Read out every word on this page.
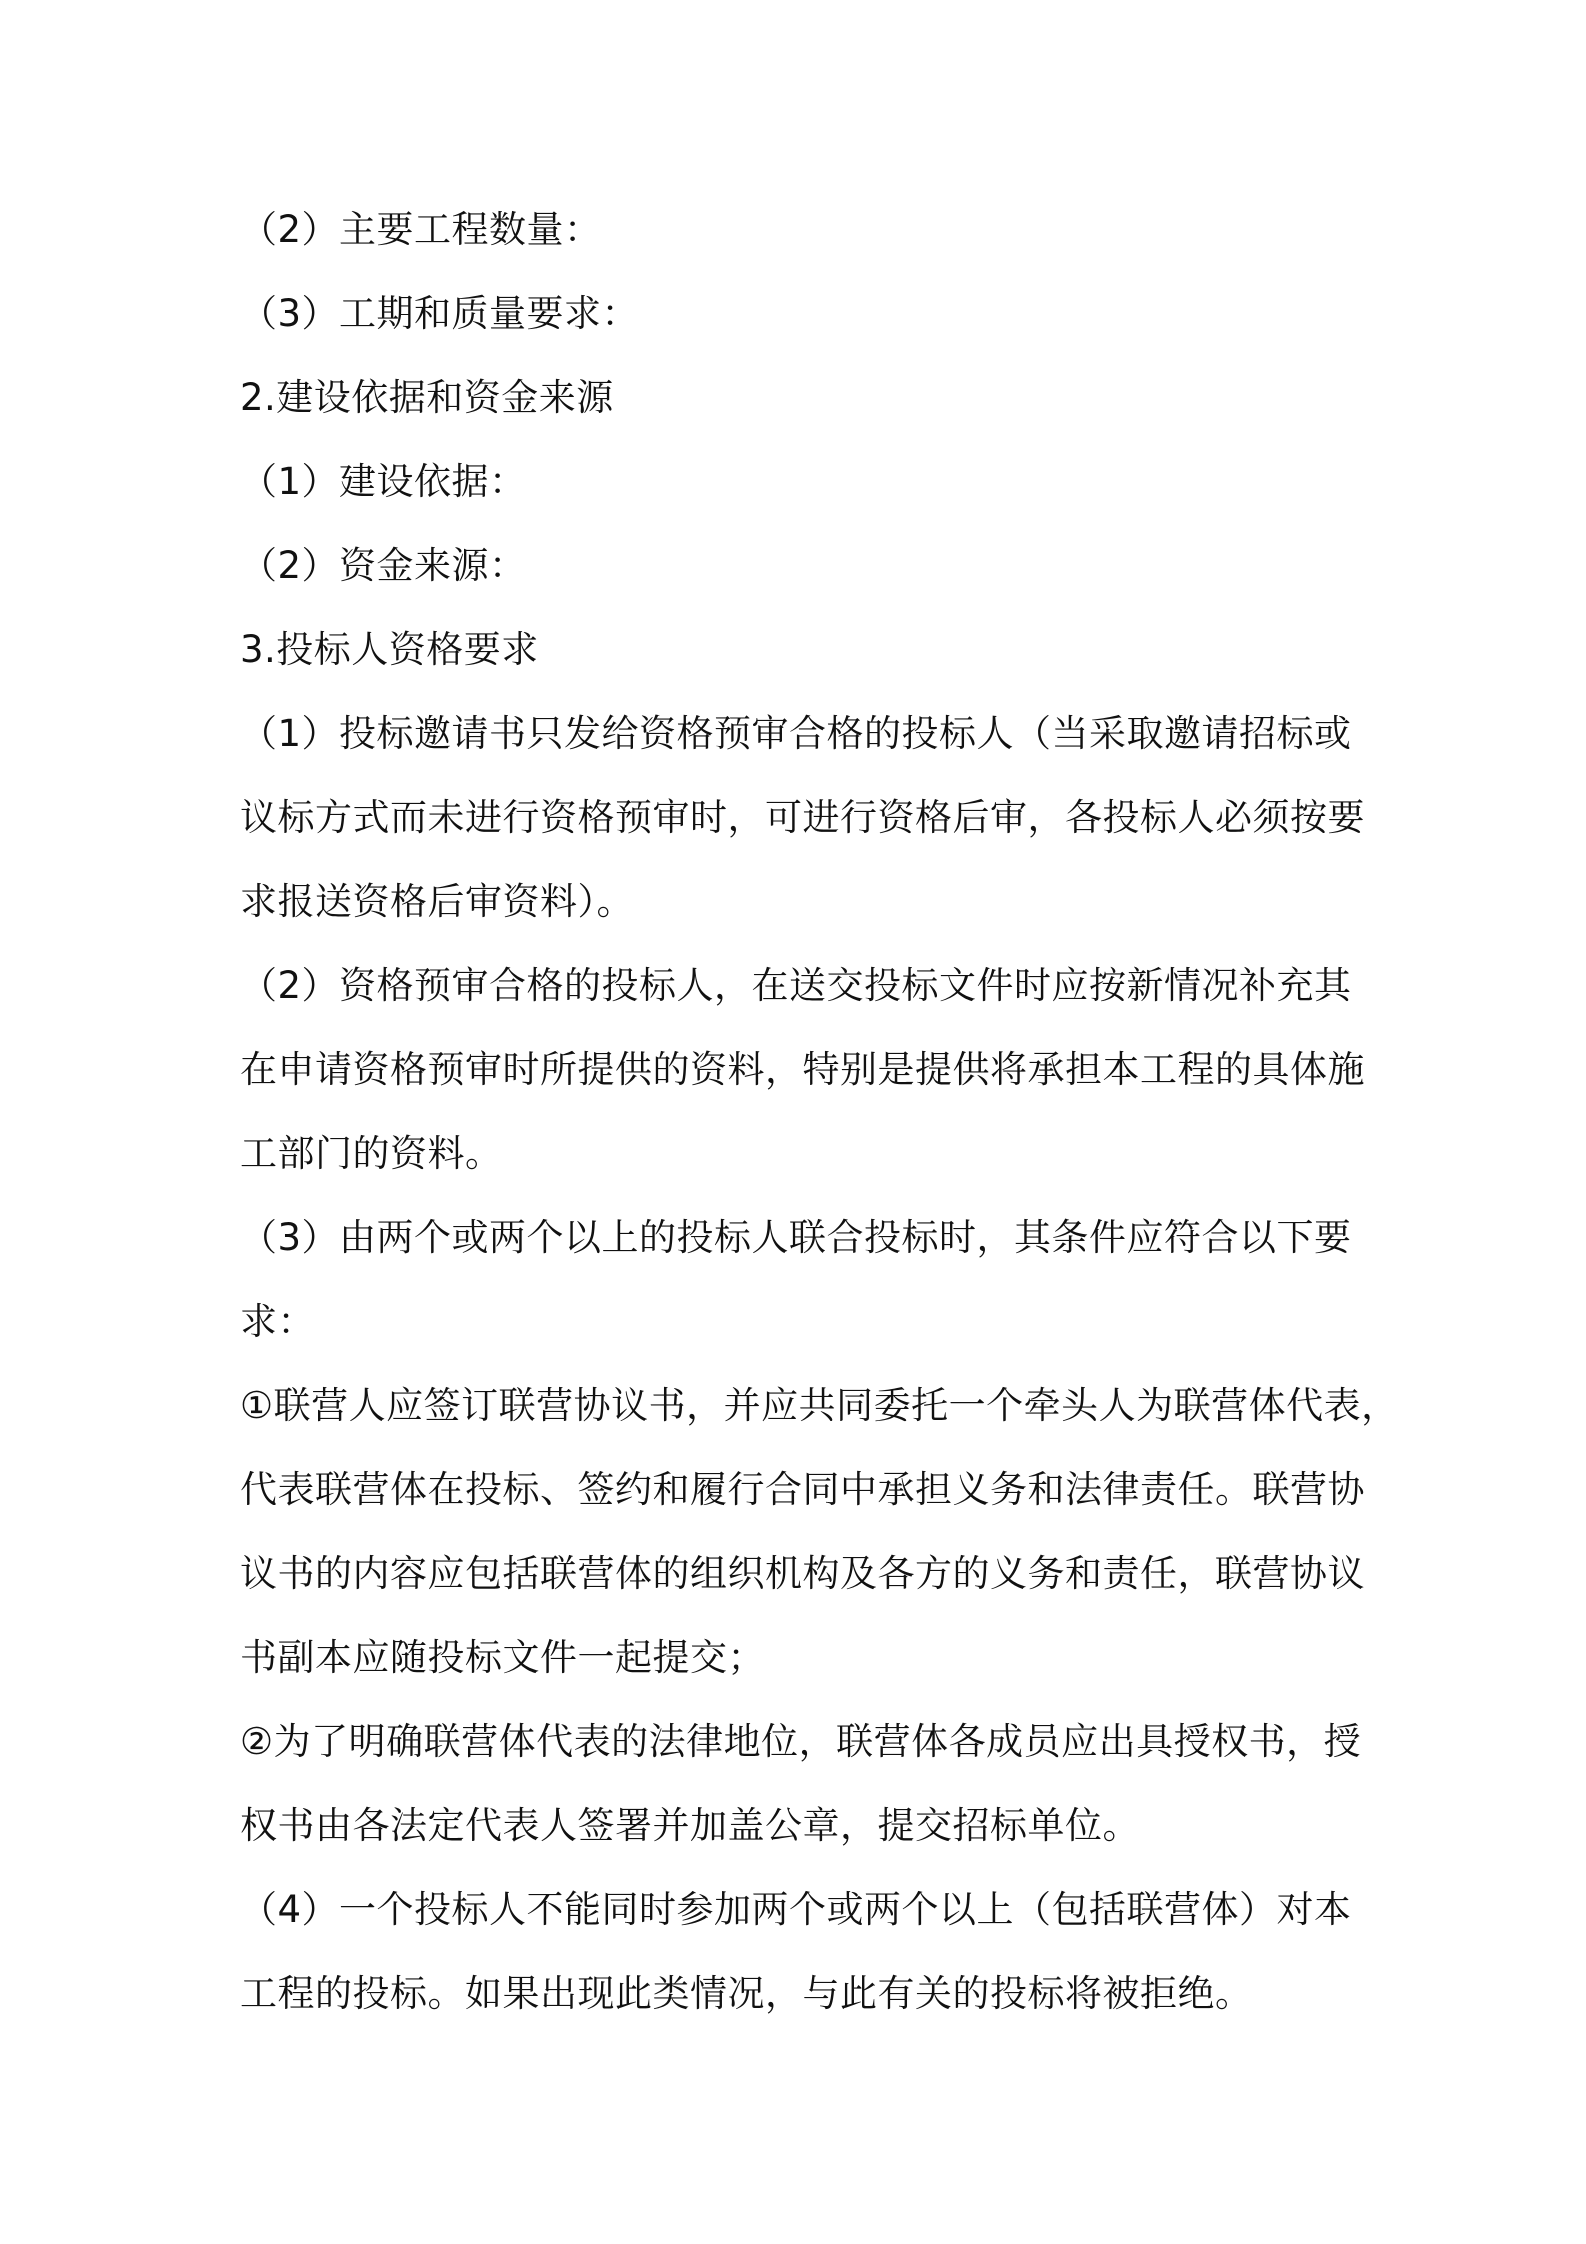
（2）主要工程数量：
（3）工期和质量要求：
2.建设依据和资金来源
（1）建设依据：
（2）资金来源：
3.投标人资格要求
（1）投标邀请书只发给资格预审合格的投标人（当采取邀请招标或
议标方式而未进行资格预审时，可进行资格后审，各投标人必须按要
求报送资格后审资料）。
（2）资格预审合格的投标人，在送交投标文件时应按新情况补充其
在申请资格预审时所提供的资料，特别是提供将承担本工程的具体施
工部门的资料。
（3）由两个或两个以上的投标人联合投标时，其条件应符合以下要
求：
①联营人应签订联营协议书，并应共同委托一个牵头人为联营体代表，
代表联营体在投标、签约和履行合同中承担义务和法律责任。联营协
议书的内容应包括联营体的组织机构及各方的义务和责任，联营协议
书副本应随投标文件一起提交；
②为了明确联营体代表的法律地位，联营体各成员应出具授权书，授
权书由各法定代表人签署并加盖公章，提交招标单位。
（4）一个投标人不能同时参加两个或两个以上（包括联营体）对本
工程的投标。如果出现此类情况，与此有关的投标将被拒绝。
